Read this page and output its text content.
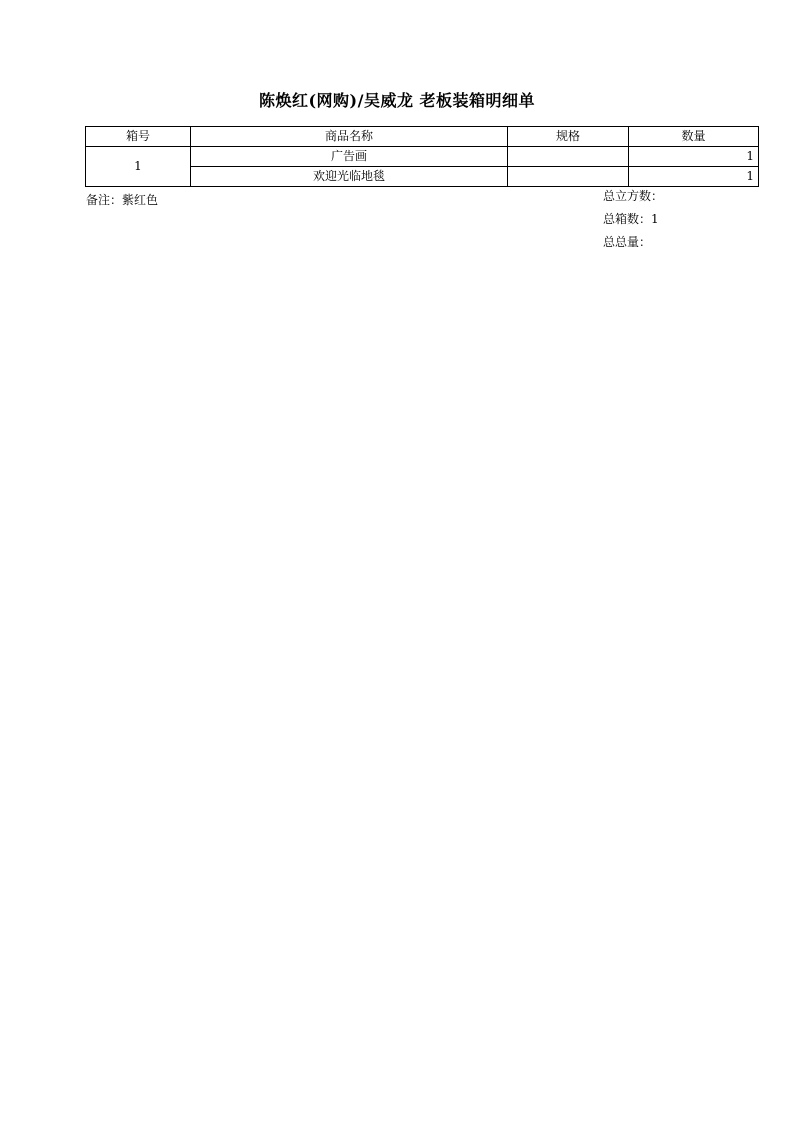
陈焕红(网购)/吴威龙 老板装箱明细单
箱号	商品名称	规格	数量
1	广告画		1
	欢迎光临地毯		1
备注：紫红色	总立方数：
总箱数：1
总总量：
